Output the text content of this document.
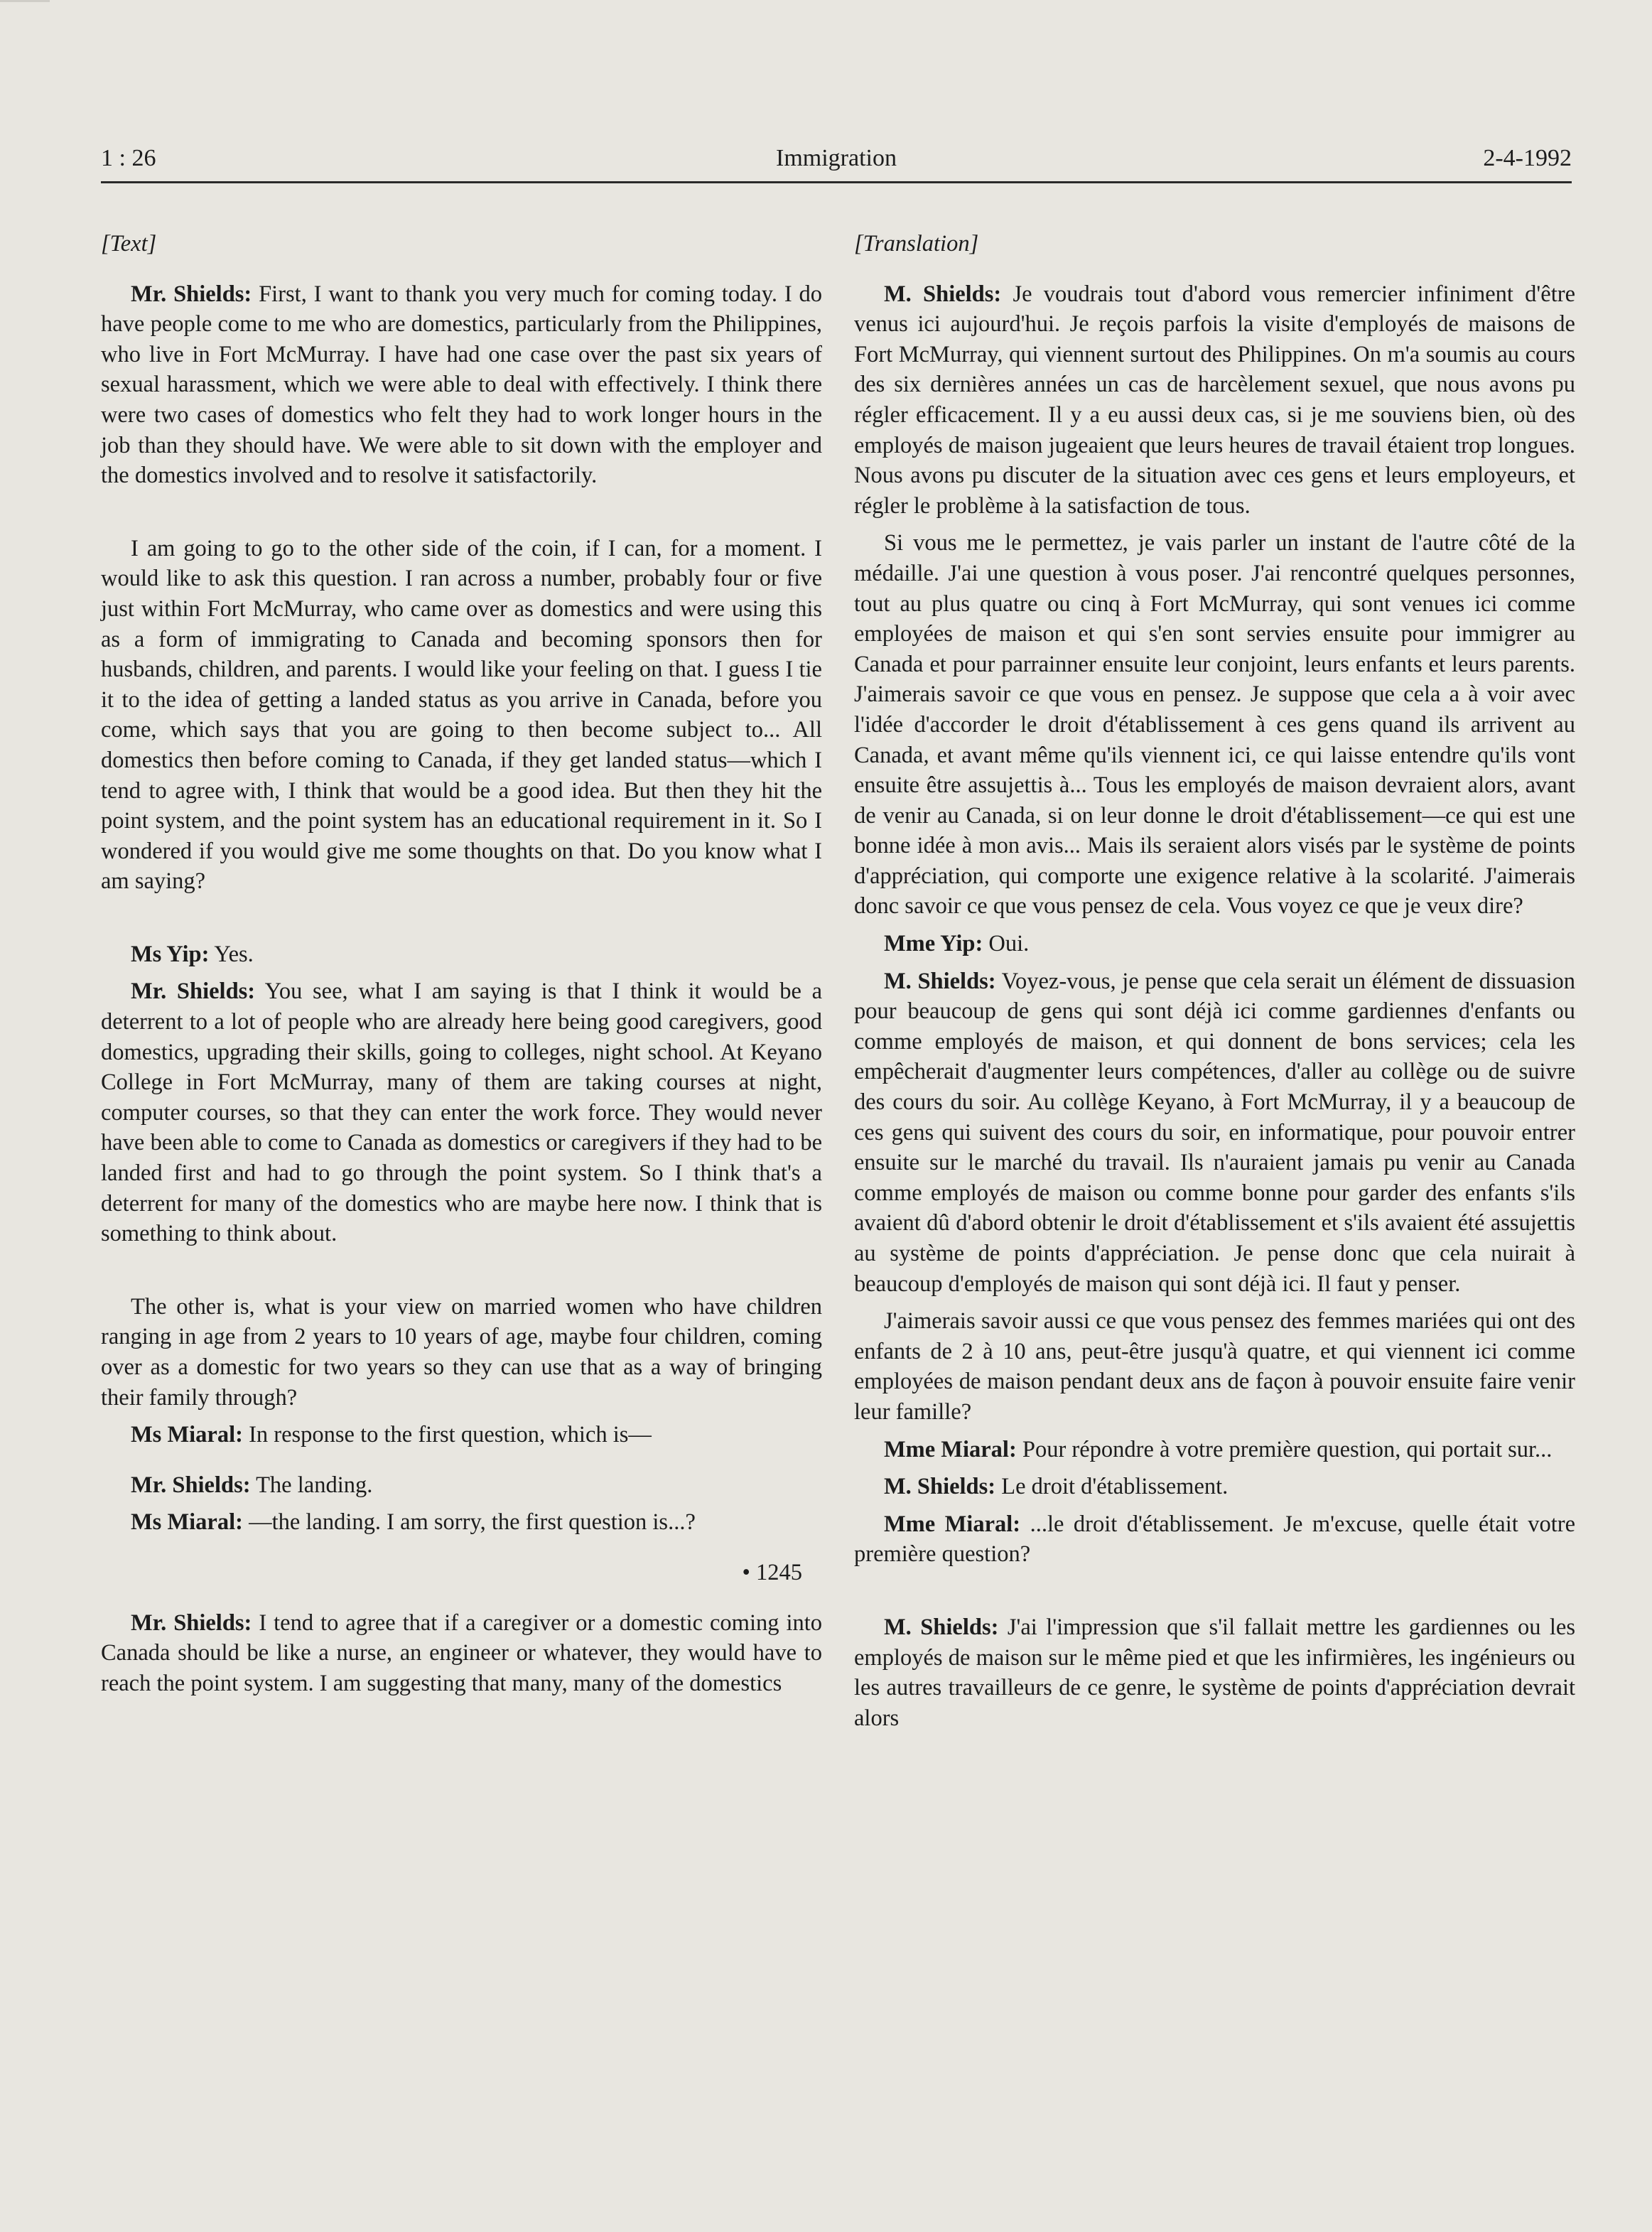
1 : 26	Immigration	2-4-1992

[Text]

Mr. Shields: First, I want to thank you very much for coming today. I do have people come to me who are domestics, particularly from the Philippines, who live in Fort McMurray. I have had one case over the past six years of sexual harassment, which we were able to deal with effectively. I think there were two cases of domestics who felt they had to work longer hours in the job than they should have. We were able to sit down with the employer and the domestics involved and to resolve it satisfactorily.

I am going to go to the other side of the coin, if I can, for a moment. I would like to ask this question. I ran across a number, probably four or five just within Fort McMurray, who came over as domestics and were using this as a form of immigrating to Canada and becoming sponsors then for husbands, children, and parents. I would like your feeling on that. I guess I tie it to the idea of getting a landed status as you arrive in Canada, before you come, which says that you are going to then become subject to... All domestics then before coming to Canada, if they get landed status—which I tend to agree with, I think that would be a good idea. But then they hit the point system, and the point system has an educational requirement in it. So I wondered if you would give me some thoughts on that. Do you know what I am saying?

Ms Yip: Yes.

Mr. Shields: You see, what I am saying is that I think it would be a deterrent to a lot of people who are already here being good caregivers, good domestics, upgrading their skills, going to colleges, night school. At Keyano College in Fort McMurray, many of them are taking courses at night, computer courses, so that they can enter the work force. They would never have been able to come to Canada as domestics or caregivers if they had to be landed first and had to go through the point system. So I think that's a deterrent for many of the domestics who are maybe here now. I think that is something to think about.

The other is, what is your view on married women who have children ranging in age from 2 years to 10 years of age, maybe four children, coming over as a domestic for two years so they can use that as a way of bringing their family through?

Ms Miaral: In response to the first question, which is—

Mr. Shields: The landing.

Ms Miaral: —the landing. I am sorry, the first question is...?

• 1245

Mr. Shields: I tend to agree that if a caregiver or a domestic coming into Canada should be like a nurse, an engineer or whatever, they would have to reach the point system. I am suggesting that many, many of the domestics

[Translation]

M. Shields: Je voudrais tout d'abord vous remercier infiniment d'être venus ici aujourd'hui. Je reçois parfois la visite d'employés de maisons de Fort McMurray, qui viennent surtout des Philippines. On m'a soumis au cours des six dernières années un cas de harcèlement sexuel, que nous avons pu régler efficacement. Il y a eu aussi deux cas, si je me souviens bien, où des employés de maison jugeaient que leurs heures de travail étaient trop longues. Nous avons pu discuter de la situation avec ces gens et leurs employeurs, et régler le problème à la satisfaction de tous.

Si vous me le permettez, je vais parler un instant de l'autre côté de la médaille. J'ai une question à vous poser. J'ai rencontré quelques personnes, tout au plus quatre ou cinq à Fort McMurray, qui sont venues ici comme employées de maison et qui s'en sont servies ensuite pour immigrer au Canada et pour parrainner ensuite leur conjoint, leurs enfants et leurs parents. J'aimerais savoir ce que vous en pensez. Je suppose que cela a à voir avec l'idée d'accorder le droit d'établissement à ces gens quand ils arrivent au Canada, et avant même qu'ils viennent ici, ce qui laisse entendre qu'ils vont ensuite être assujettis à... Tous les employés de maison devraient alors, avant de venir au Canada, si on leur donne le droit d'établissement—ce qui est une bonne idée à mon avis... Mais ils seraient alors visés par le système de points d'appréciation, qui comporte une exigence relative à la scolarité. J'aimerais donc savoir ce que vous pensez de cela. Vous voyez ce que je veux dire?

Mme Yip: Oui.

M. Shields: Voyez-vous, je pense que cela serait un élément de dissuasion pour beaucoup de gens qui sont déjà ici comme gardiennes d'enfants ou comme employés de maison, et qui donnent de bons services; cela les empêcherait d'augmenter leurs compétences, d'aller au collège ou de suivre des cours du soir. Au collège Keyano, à Fort McMurray, il y a beaucoup de ces gens qui suivent des cours du soir, en informatique, pour pouvoir entrer ensuite sur le marché du travail. Ils n'auraient jamais pu venir au Canada comme employés de maison ou comme bonne pour garder des enfants s'ils avaient dû d'abord obtenir le droit d'établissement et s'ils avaient été assujettis au système de points d'appréciation. Je pense donc que cela nuirait à beaucoup d'employés de maison qui sont déjà ici. Il faut y penser.

J'aimerais savoir aussi ce que vous pensez des femmes mariées qui ont des enfants de 2 à 10 ans, peut-être jusqu'à quatre, et qui viennent ici comme employées de maison pendant deux ans de façon à pouvoir ensuite faire venir leur famille?

Mme Miaral: Pour répondre à votre première question, qui portait sur...

M. Shields: Le droit d'établissement.

Mme Miaral: ...le droit d'établissement. Je m'excuse, quelle était votre première question?

M. Shields: J'ai l'impression que s'il fallait mettre les gardiennes ou les employés de maison sur le même pied et que les infirmières, les ingénieurs ou les autres travailleurs de ce genre, le système de points d'appréciation devrait alors
